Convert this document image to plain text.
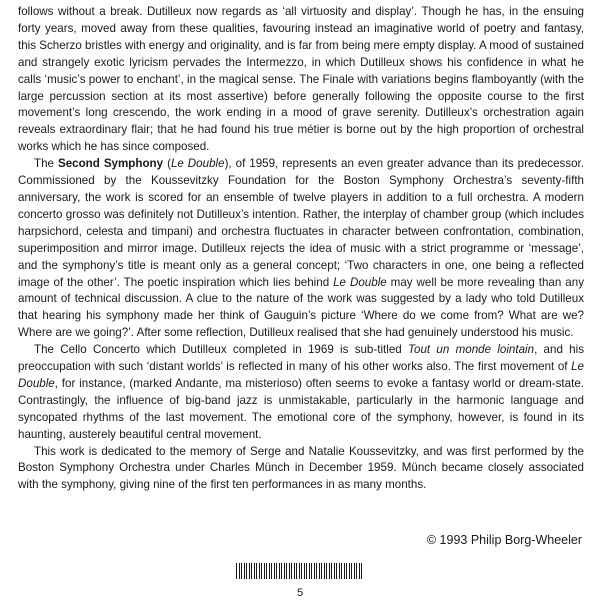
follows without a break. Dutilleux now regards as ‘all virtuosity and display’. Though he has, in the ensuing forty years, moved away from these qualities, favouring instead an imaginative world of poetry and fantasy, this Scherzo bristles with energy and originality, and is far from being mere empty display. A mood of sustained and strangely exotic lyricism pervades the Intermezzo, in which Dutilleux shows his confidence in what he calls ‘music’s power to enchant’, in the magical sense. The Finale with variations begins flamboyantly (with the large percussion section at its most assertive) before generally following the opposite course to the first movement’s long crescendo, the work ending in a mood of grave serenity. Dutilleux’s orchestration again reveals extraordinary flair; that he had found his true métier is borne out by the high proportion of orchestral works which he has since composed.

The Second Symphony (Le Double), of 1959, represents an even greater advance than its predecessor. Commissioned by the Koussevitzky Foundation for the Boston Symphony Orchestra’s seventy-fifth anniversary, the work is scored for an ensemble of twelve players in addition to a full orchestra. A modern concerto grosso was definitely not Dutilleux’s intention. Rather, the interplay of chamber group (which includes harpsichord, celesta and timpani) and orchestra fluctuates in character between confrontation, combination, superimposition and mirror image. Dutilleux rejects the idea of music with a strict programme or ‘message’, and the symphony’s title is meant only as a general concept; ‘Two characters in one, one being a reflected image of the other’. The poetic inspiration which lies behind Le Double may well be more revealing than any amount of technical discussion. A clue to the nature of the work was suggested by a lady who told Dutilleux that hearing his symphony made her think of Gauguin’s picture ‘Where do we come from? What are we? Where are we going?’. After some reflection, Dutilleux realised that she had genuinely understood his music.

The Cello Concerto which Dutilleux completed in 1969 is sub-titled Tout un monde lointain, and his preoccupation with such ‘distant worlds’ is reflected in many of his other works also. The first movement of Le Double, for instance, (marked Andante, ma misterioso) often seems to evoke a fantasy world or dream-state. Contrastingly, the influence of big-band jazz is unmistakable, particularly in the harmonic language and syncopated rhythms of the last movement. The emotional core of the symphony, however, is found in its haunting, austerely beautiful central movement.

This work is dedicated to the memory of Serge and Natalie Koussevitzky, and was first performed by the Boston Symphony Orchestra under Charles Münch in December 1959. Münch became closely associated with the symphony, giving nine of the first ten performances in as many months.

© 1993 Philip Borg-Wheeler
5
